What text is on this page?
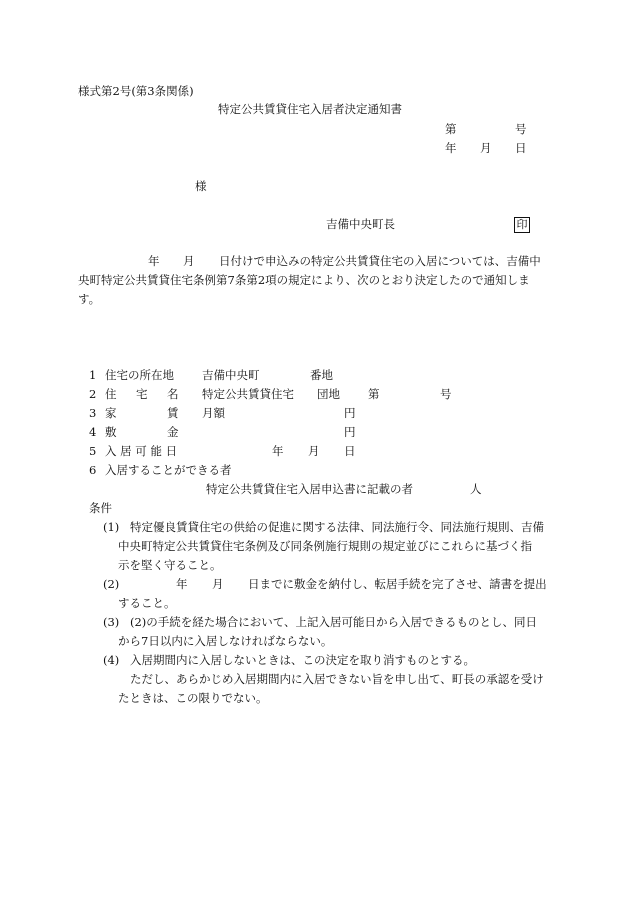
様式第2号(第3条関係)
特定公共賃貸住宅入居者決定通知書
第	号
年 月 日
様
吉備中央町長	印
年 月 日付けで申込みの特定公共賃貸住宅の入居については、吉備中
央町特定公共賃貸住宅条例第7条第2項の規定により、次のとおり決定したので通知しま
す。
1 住宅の所在地 吉備中央町	番地
2 住 宅 名 特定公共賃貸住宅 団地 第	号
3 家	賃 月額	円
4 敷	金	円
5 入 居 可 能 日	年 月 日
6 入居することができる者
特定公共賃貸住宅入居申込書に記載の者	人
条件
(1) 特定優良賃貸住宅の供給の促進に関する法律、同法施行令、同法施行規則、吉備
中央町特定公共賃貸住宅条例及び同条例施行規則の規定並びにこれらに基づく指
示を堅く守ること。
(2)	年 月 日までに敷金を納付し、転居手続を完了させ、請書を提出
すること。
(3) (2)の手続を経た場合において、上記入居可能日から入居できるものとし、同日
から7日以内に入居しなければならない。
(4) 入居期間内に入居しないときは、この決定を取り消すものとする。
ただし、あらかじめ入居期間内に入居できない旨を申し出て、町長の承認を受け
たときは、この限りでない。
